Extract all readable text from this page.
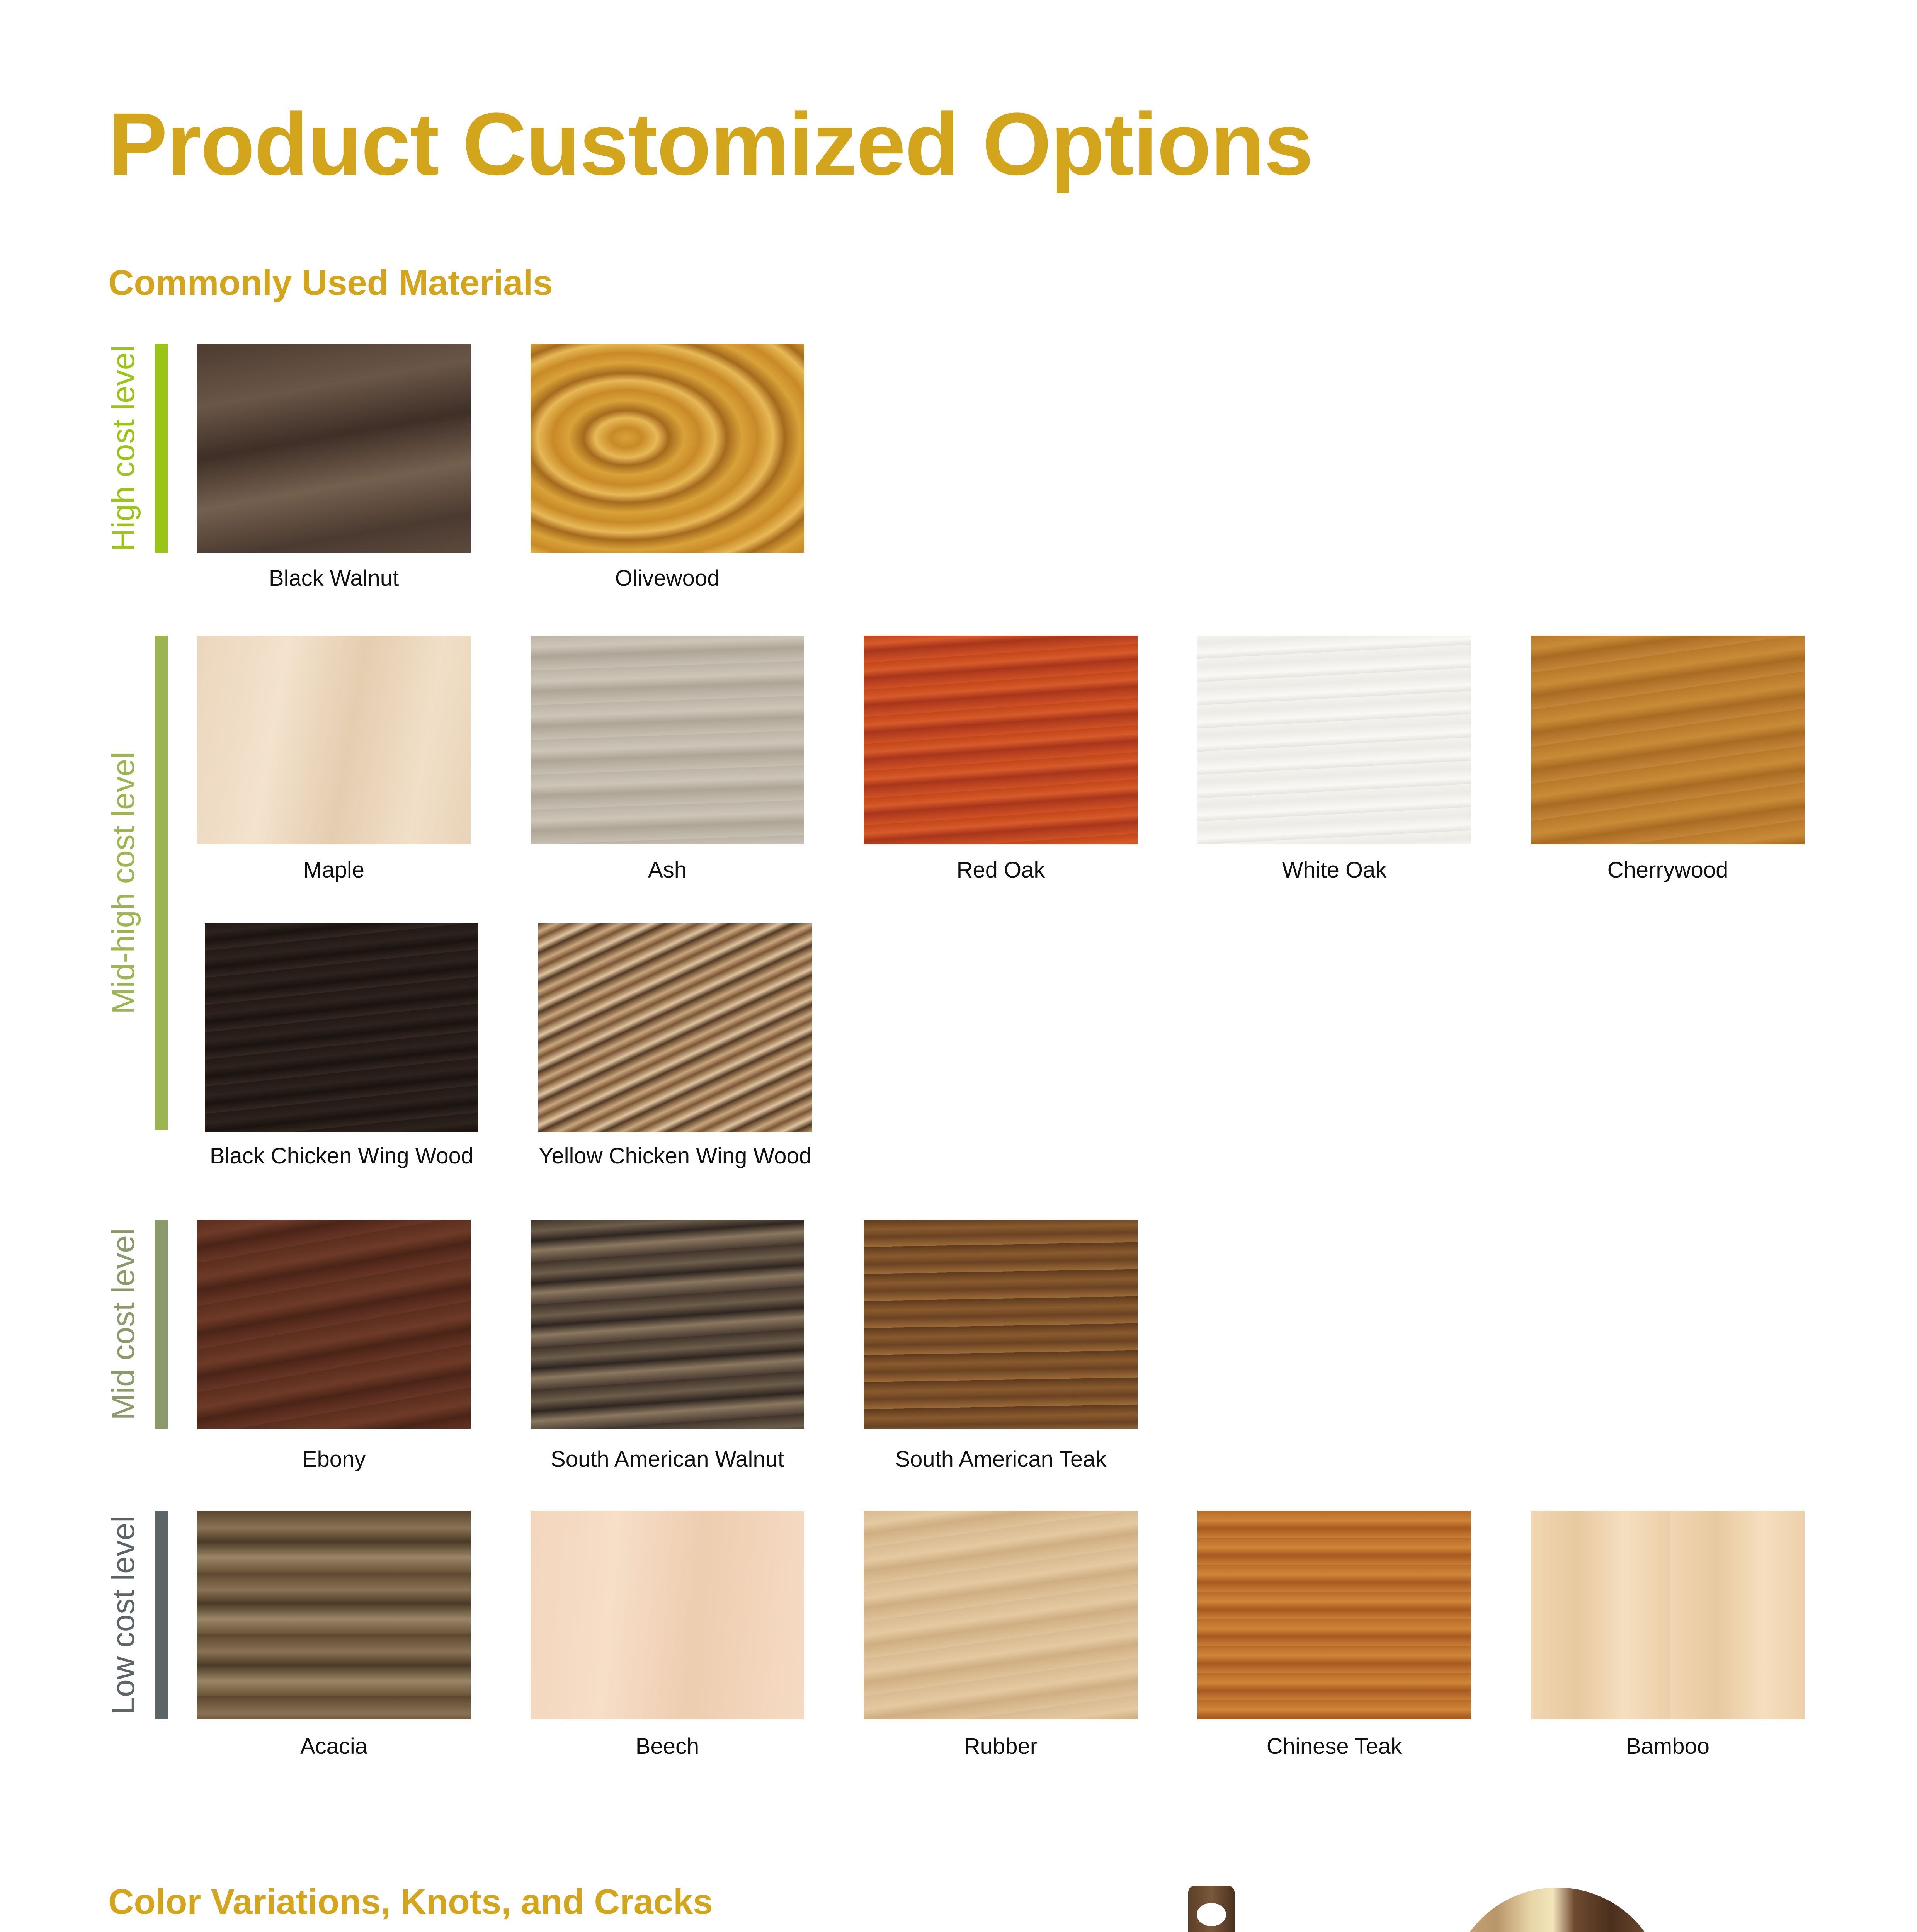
Product Customized Options
Commonly Used Materials
High cost level
Black Walnut	Olivewood
Mid-high cost level	Maple	Ash	Red Oak	White Oak	Cherrywood
Black Chicken Wing Wood	Yellow Chicken Wing Wood
Mid cost level
Ebony	South American Walnut	South American Teak
Low cost level
Acacia	Beech	Rubber	Chinese Teak	Bamboo
Color Variations, Knots, and Cracks
